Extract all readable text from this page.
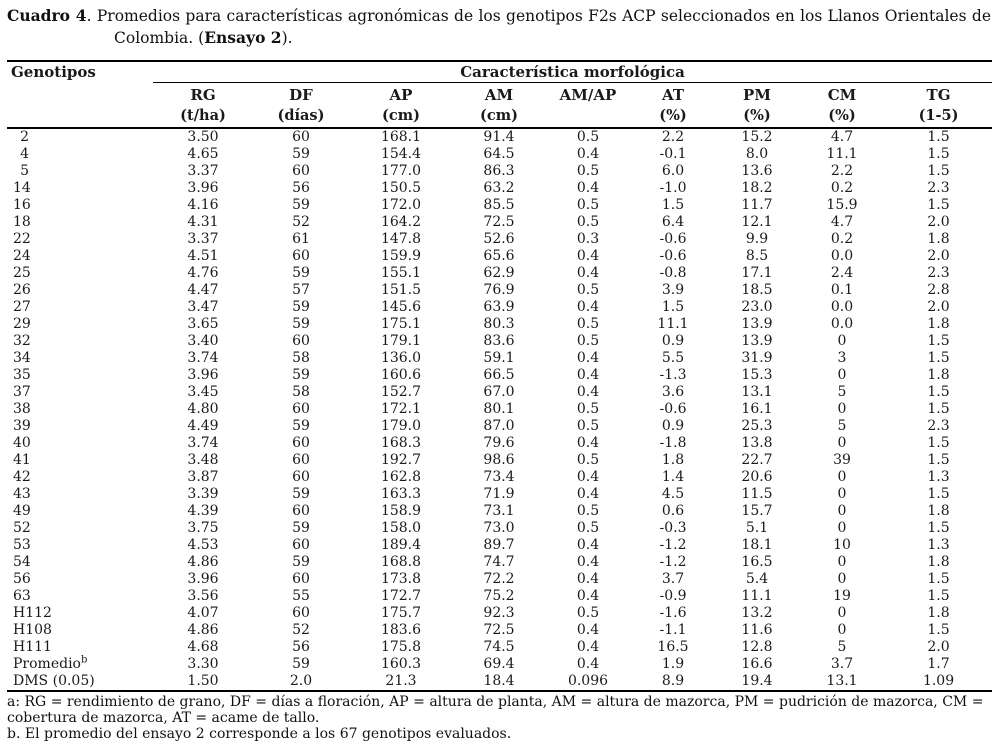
Cuadro 4. Promedios para características agronómicas de los genotipos F2s ACP seleccionados en los Llanos Orientales de Colombia. (Ensayo 2).

Genotipos	Característica morfológica								
	RG	DF	AP	AM	AM/AP	AT	PM	CM	TG
	(t/ha)	(días)	(cm)	(cm)		(%)	(%)	(%)	(1-5)
2	3.50	60	168.1	91.4	0.5	2.2	15.2	4.7	1.5
4	4.65	59	154.4	64.5	0.4	-0.1	8.0	11.1	1.5
5	3.37	60	177.0	86.3	0.5	6.0	13.6	2.2	1.5
14	3.96	56	150.5	63.2	0.4	-1.0	18.2	0.2	2.3
16	4.16	59	172.0	85.5	0.5	1.5	11.7	15.9	1.5
18	4.31	52	164.2	72.5	0.5	6.4	12.1	4.7	2.0
22	3.37	61	147.8	52.6	0.3	-0.6	9.9	0.2	1.8
24	4.51	60	159.9	65.6	0.4	-0.6	8.5	0.0	2.0
25	4.76	59	155.1	62.9	0.4	-0.8	17.1	2.4	2.3
26	4.47	57	151.5	76.9	0.5	3.9	18.5	0.1	2.8
27	3.47	59	145.6	63.9	0.4	1.5	23.0	0.0	2.0
29	3.65	59	175.1	80.3	0.5	11.1	13.9	0.0	1.8
32	3.40	60	179.1	83.6	0.5	0.9	13.9	0	1.5
34	3.74	58	136.0	59.1	0.4	5.5	31.9	3	1.5
35	3.96	59	160.6	66.5	0.4	-1.3	15.3	0	1.8
37	3.45	58	152.7	67.0	0.4	3.6	13.1	5	1.5
38	4.80	60	172.1	80.1	0.5	-0.6	16.1	0	1.5
39	4.49	59	179.0	87.0	0.5	0.9	25.3	5	2.3
40	3.74	60	168.3	79.6	0.4	-1.8	13.8	0	1.5
41	3.48	60	192.7	98.6	0.5	1.8	22.7	39	1.5
42	3.87	60	162.8	73.4	0.4	1.4	20.6	0	1.3
43	3.39	59	163.3	71.9	0.4	4.5	11.5	0	1.5
49	4.39	60	158.9	73.1	0.5	0.6	15.7	0	1.8
52	3.75	59	158.0	73.0	0.5	-0.3	5.1	0	1.5
53	4.53	60	189.4	89.7	0.4	-1.2	18.1	10	1.3
54	4.86	59	168.8	74.7	0.4	-1.2	16.5	0	1.8
56	3.96	60	173.8	72.2	0.4	3.7	5.4	0	1.5
63	3.56	55	172.7	75.2	0.4	-0.9	11.1	19	1.5
H112	4.07	60	175.7	92.3	0.5	-1.6	13.2	0	1.8
H108	4.86	52	183.6	72.5	0.4	-1.1	11.6	0	1.5
H111	4.68	56	175.8	74.5	0.4	16.5	12.8	5	2.0
Promedio$^b$	3.30	59	160.3	69.4	0.4	1.9	16.6	3.7	1.7
DMS (0.05)	1.50	2.0	21.3	18.4	0.096	8.9	19.4	13.1	1.09

a: RG = rendimiento de grano, DF = días a floración, AP = altura de planta, AM = altura de mazorca, PM = pudrición de mazorca, CM = cobertura de mazorca, AT = acame de tallo.

b. El promedio del ensayo 2 corresponde a los 67 genotipos evaluados.
